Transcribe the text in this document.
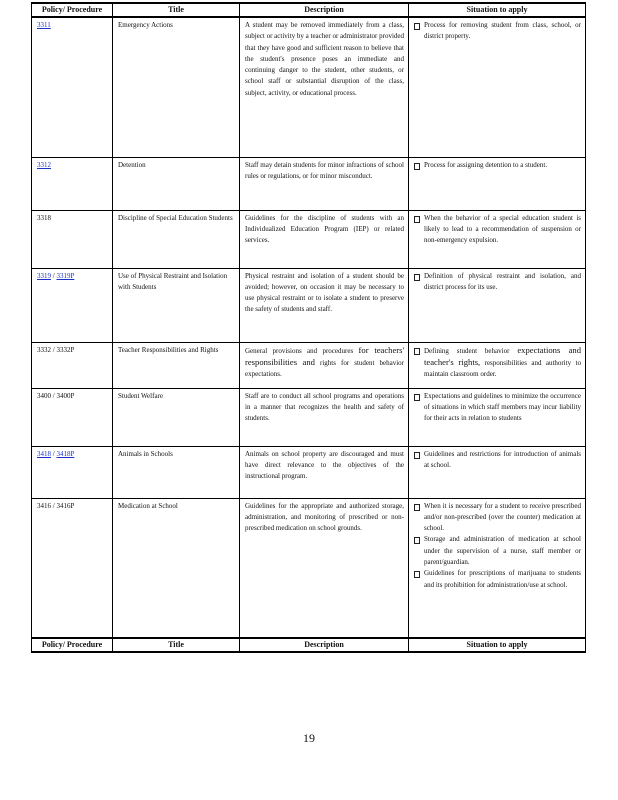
Policy/ Procedure	Title	Description	Situation to apply
3311	Emergency Actions	A student may be removed immediately from a class, subject or activity by a teacher or administrator provided that they have good and sufficient reason to believe that the student's presence poses an immediate and continuing danger to the student, other students, or school staff or substantial disruption of the class, subject, activity, or educational process.	Process for removing student from class, school, or district property.

3312	Detention	Staff may detain students for minor infractions of school rules or regulations, or for minor misconduct.	Process for assigning detention to a student.

3318	Discipline of Special Education Students	Guidelines for the discipline of students with an Individualized Education Program (IEP) or related services.	When the behavior of a special education student is likely to lead to a recommendation of suspension or non-emergency expulsion.

3319 / 3319P	Use of Physical Restraint and Isolation with Students	Physical restraint and isolation of a student should be avoided; however, on occasion it may be necessary to use physical restraint or to isolate a student to preserve the safety of students and staff.	Definition of physical restraint and isolation, and district process for its use.

3332 / 3332P	Teacher Responsibilities and Rights	General provisions and procedures for teachers' responsibilities and rights for student behavior expectations.	Defining student behavior expectations and teacher's rights, responsibilities and authority to maintain classroom order.

3400 / 3400P	Student Welfare	Staff are to conduct all school programs and operations in a manner that recognizes the health and safety of students.	Expectations and guidelines to minimize the occurrence of situations in which staff members may incur liability for their acts in relation to students

3418 / 3418P	Animals in Schools	Animals on school property are discouraged and must have direct relevance to the objectives of the instructional program.	Guidelines and restrictions for introduction of animals at school.

3416 / 3416P	Medication at School	Guidelines for the appropriate and authorized storage, administration, and monitoring of prescribed or non-prescribed medication on school grounds.	When it is necessary for a student to receive prescribed and/or non-prescribed (over the counter) medication at school.
Storage and administration of medication at school under the supervision of a nurse, staff member or parent/guardian.
Guidelines for prescriptions of marijuana to students and its prohibition for administration/use at school.

Policy/ Procedure	Title	Description	Situation to apply
19
